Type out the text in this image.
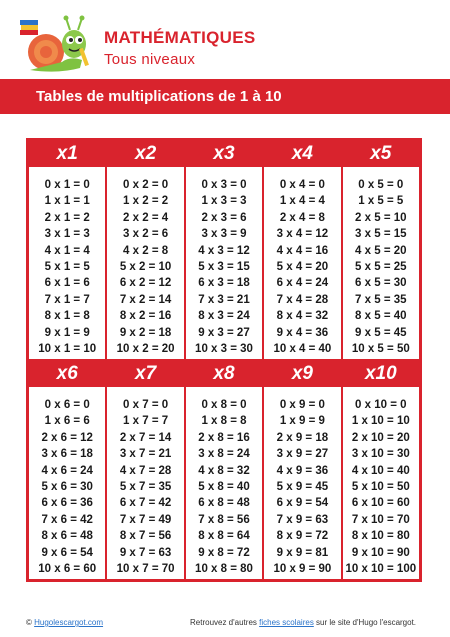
MATHÉMATIQUES
Tous niveaux
Tables de multiplications de 1 à 10
x1
0 x 1 = 0
1 x 1 = 1
2 x 1 = 2
3 x 1 = 3
4 x 1 = 4
5 x 1 = 5
6 x 1 = 6
7 x 1 = 7
8 x 1 = 8
9 x 1 = 9
10 x 1 = 10
x2
0 x 2 = 0
1 x 2 = 2
2 x 2 = 4
3 x 2 = 6
4 x 2 = 8
5 x 2 = 10
6 x 2 = 12
7 x 2 = 14
8 x 2 = 16
9 x 2 = 18
10 x 2 = 20
x3
0 x 3 = 0
1 x 3 = 3
2 x 3 = 6
3 x 3 = 9
4 x 3 = 12
5 x 3 = 15
6 x 3 = 18
7 x 3 = 21
8 x 3 = 24
9 x 3 = 27
10 x 3 = 30
x4
0 x 4 = 0
1 x 4 = 4
2 x 4 = 8
3 x 4 = 12
4 x 4 = 16
5 x 4 = 20
6 x 4 = 24
7 x 4 = 28
8 x 4 = 32
9 x 4 = 36
10 x 4 = 40
x5
0 x 5 = 0
1 x 5 = 5
2 x 5 = 10
3 x 5 = 15
4 x 5 = 20
5 x 5 = 25
6 x 5 = 30
7 x 5 = 35
8 x 5 = 40
9 x 5 = 45
10 x 5 = 50
x6
0 x 6 = 0
1 x 6 = 6
2 x 6 = 12
3 x 6 = 18
4 x 6 = 24
5 x 6 = 30
6 x 6 = 36
7 x 6 = 42
8 x 6 = 48
9 x 6 = 54
10 x 6 = 60
x7
0 x 7 = 0
1 x 7 = 7
2 x 7 = 14
3 x 7 = 21
4 x 7 = 28
5 x 7 = 35
6 x 7 = 42
7 x 7 = 49
8 x 7 = 56
9 x 7 = 63
10 x 7 = 70
x8
0 x 8 = 0
1 x 8 = 8
2 x 8 = 16
3 x 8 = 24
4 x 8 = 32
5 x 8 = 40
6 x 8 = 48
7 x 8 = 56
8 x 8 = 64
9 x 8 = 72
10 x 8 = 80
x9
0 x 9 = 0
1 x 9 = 9
2 x 9 = 18
3 x 9 = 27
4 x 9 = 36
5 x 9 = 45
6 x 9 = 54
7 x 9 = 63
8 x 9 = 72
9 x 9 = 81
10 x 9 = 90
x10
0 x 10 = 0
1 x 10 = 10
2 x 10 = 20
3 x 10 = 30
4 x 10 = 40
5 x 10 = 50
6 x 10 = 60
7 x 10 = 70
8 x 10 = 80
9 x 10 = 90
10 x 10 = 100
© Hugolescargot.com	Retrouvez d'autres fiches scolaires sur le site d'Hugo l'escargot.
